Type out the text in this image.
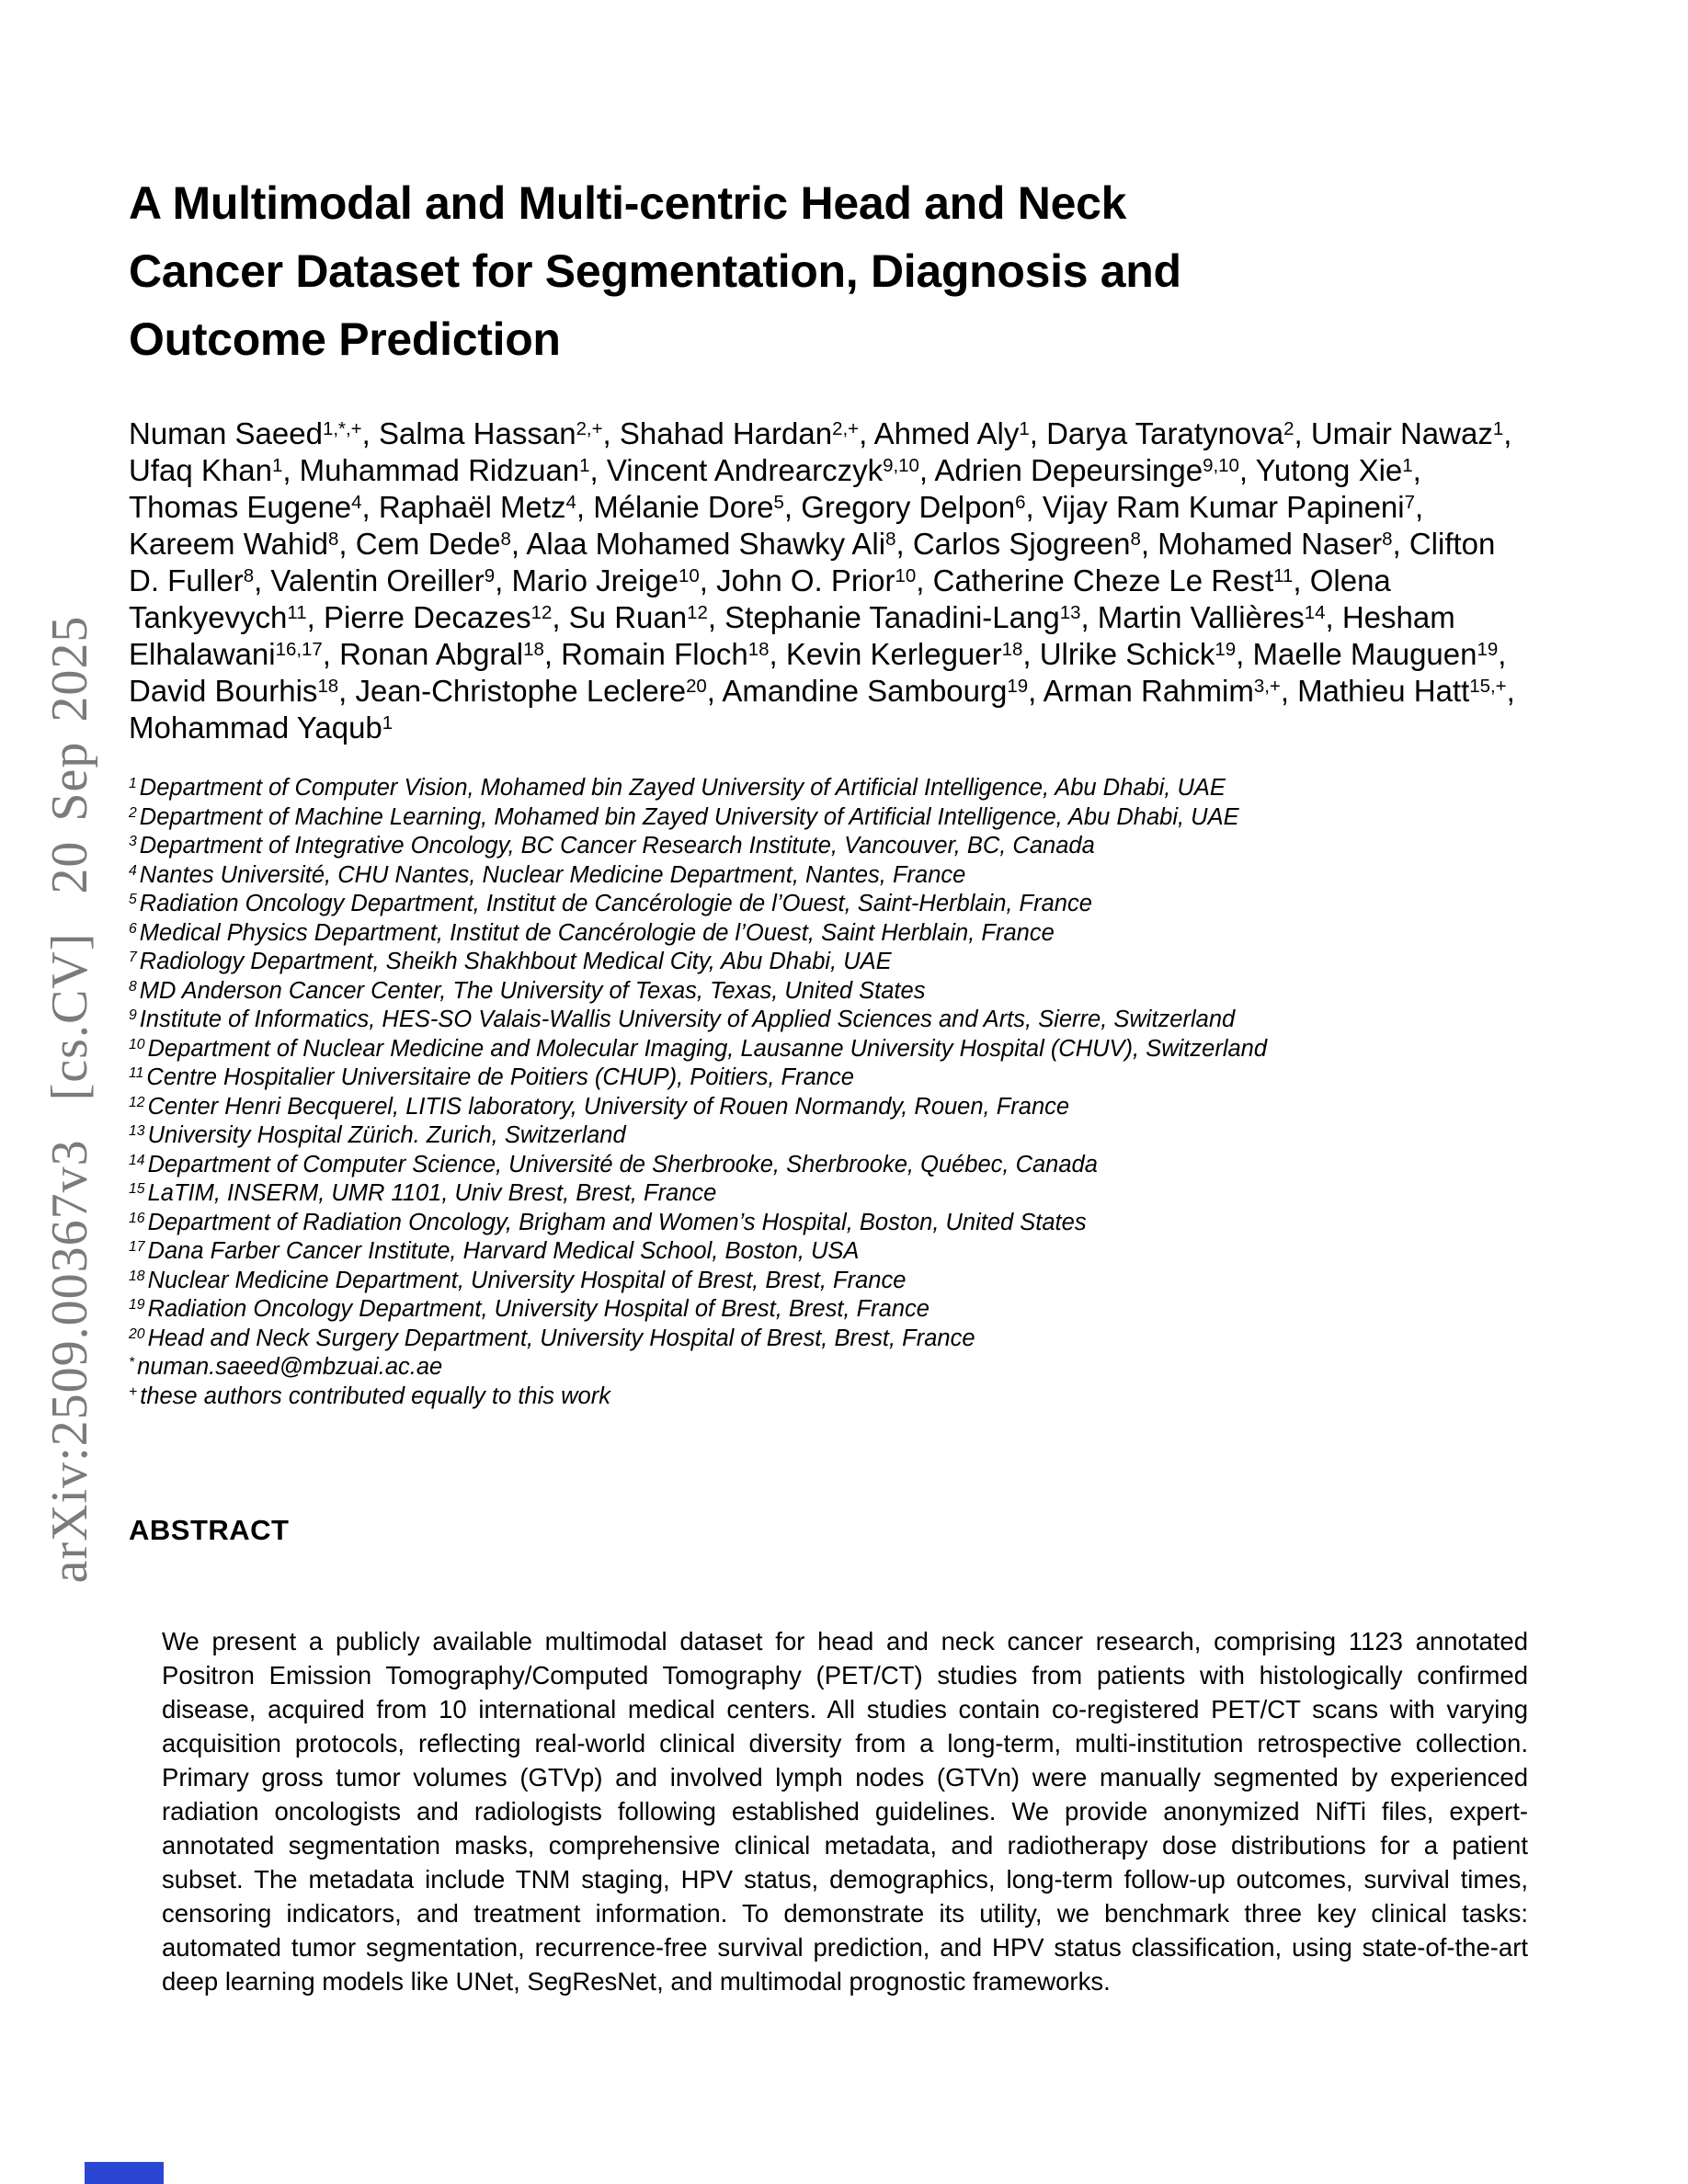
arXiv:2509.00367v3  [cs.CV]  20 Sep 2025
A Multimodal and Multi-centric Head and Neck
Cancer Dataset for Segmentation, Diagnosis and
Outcome Prediction
Numan Saeed$^{1,*,+}$, Salma Hassan$^{2,+}$, Shahad Hardan$^{2,+}$, Ahmed Aly$^1$, Darya Taratynova$^2$, Umair Nawaz$^1$, Ufaq Khan$^1$, Muhammad Ridzuan$^1$, Vincent Andrearczyk$^{9,10}$, Adrien Depeursinge$^{9,10}$, Yutong Xie$^1$, Thomas Eugene$^4$, Raphaël Metz$^4$, Mélanie Dore$^5$, Gregory Delpon$^6$, Vijay Ram Kumar Papineni$^7$, Kareem Wahid$^8$, Cem Dede$^8$, Alaa Mohamed Shawky Ali$^8$, Carlos Sjogreen$^8$, Mohamed Naser$^8$, Clifton D. Fuller$^8$, Valentin Oreiller$^9$, Mario Jreige$^{10}$, John O. Prior$^{10}$, Catherine Cheze Le Rest$^{11}$, Olena Tankyevych$^{11}$, Pierre Decazes$^{12}$, Su Ruan$^{12}$, Stephanie Tanadini-Lang$^{13}$, Martin Vallières$^{14}$, Hesham Elhalawani$^{16,17}$, Ronan Abgral$^{18}$, Romain Floch$^{18}$, Kevin Kerleguer$^{18}$, Ulrike Schick$^{19}$, Maelle Mauguen$^{19}$, David Bourhis$^{18}$, Jean-Christophe Leclere$^{20}$, Amandine Sambourg$^{19}$, Arman Rahmim$^{3,+}$, Mathieu Hatt$^{15,+}$, Mohammad Yaqub$^1$
$^1$ Department of Computer Vision, Mohamed bin Zayed University of Artificial Intelligence, Abu Dhabi, UAE
$^2$ Department of Machine Learning, Mohamed bin Zayed University of Artificial Intelligence, Abu Dhabi, UAE
$^3$ Department of Integrative Oncology, BC Cancer Research Institute, Vancouver, BC, Canada
$^4$ Nantes Université, CHU Nantes, Nuclear Medicine Department, Nantes, France
$^5$ Radiation Oncology Department, Institut de Cancérologie de l’Ouest, Saint-Herblain, France
$^6$ Medical Physics Department, Institut de Cancérologie de l’Ouest, Saint Herblain, France
$^7$ Radiology Department, Sheikh Shakhbout Medical City, Abu Dhabi, UAE
$^8$ MD Anderson Cancer Center, The University of Texas, Texas, United States
$^9$ Institute of Informatics, HES-SO Valais-Wallis University of Applied Sciences and Arts, Sierre, Switzerland
$^{10}$ Department of Nuclear Medicine and Molecular Imaging, Lausanne University Hospital (CHUV), Switzerland
$^{11}$ Centre Hospitalier Universitaire de Poitiers (CHUP), Poitiers, France
$^{12}$ Center Henri Becquerel, LITIS laboratory, University of Rouen Normandy, Rouen, France
$^{13}$ University Hospital Zürich. Zurich, Switzerland
$^{14}$ Department of Computer Science, Université de Sherbrooke, Sherbrooke, Québec, Canada
$^{15}$ LaTIM, INSERM, UMR 1101, Univ Brest, Brest, France
$^{16}$ Department of Radiation Oncology, Brigham and Women’s Hospital, Boston, United States
$^{17}$ Dana Farber Cancer Institute, Harvard Medical School, Boston, USA
$^{18}$ Nuclear Medicine Department, University Hospital of Brest, Brest, France
$^{19}$ Radiation Oncology Department, University Hospital of Brest, Brest, France
$^{20}$ Head and Neck Surgery Department, University Hospital of Brest, Brest, France
* numan.saeed@mbzuai.ac.ae
+ these authors contributed equally to this work
ABSTRACT
We present a publicly available multimodal dataset for head and neck cancer research, comprising 1123 annotated Positron Emission Tomography/Computed Tomography (PET/CT) studies from patients with histologically confirmed disease, acquired from 10 international medical centers. All studies contain co-registered PET/CT scans with varying acquisition protocols, reflecting real-world clinical diversity from a long-term, multi-institution retrospective collection. Primary gross tumor volumes (GTVp) and involved lymph nodes (GTVn) were manually segmented by experienced radiation oncologists and radiologists following established guidelines. We provide anonymized NifTi files, expert-annotated segmentation masks, comprehensive clinical metadata, and radiotherapy dose distributions for a patient subset. The metadata include TNM staging, HPV status, demographics, long-term follow-up outcomes, survival times, censoring indicators, and treatment information. To demonstrate its utility, we benchmark three key clinical tasks: automated tumor segmentation, recurrence-free survival prediction, and HPV status classification, using state-of-the-art deep learning models like UNet, SegResNet, and multimodal prognostic frameworks.
